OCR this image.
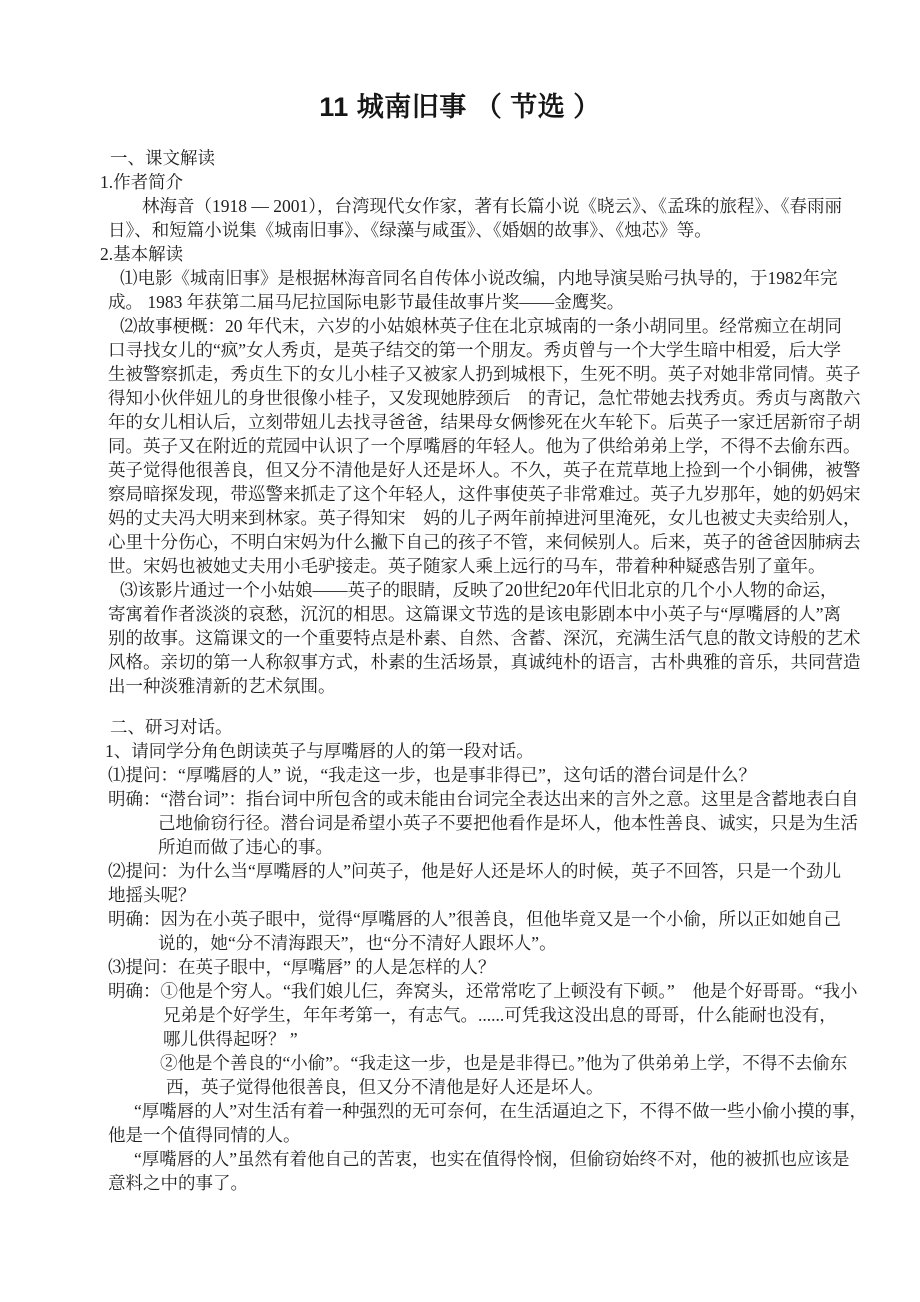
11 城南旧事 （ 节选 ）
一、课文解读
1.作者简介
林海音（1918 — 2001），台湾现代女作家，著有长篇小说《晓云》、《孟珠的旅程》、《春雨丽
日》、和短篇小说集《城南旧事》、《绿藻与咸蛋》、《婚姻的故事》、《烛芯》等。
2.基本解读
⑴电影《城南旧事》是根据林海音同名自传体小说改编，内地导演吴贻弓执导的，于1982年完
成。 1983 年获第二届马尼拉国际电影节最佳故事片奖——金鹰奖。
⑵故事梗概：20 年代末，六岁的小姑娘林英子住在北京城南的一条小胡同里。经常痴立在胡同
口寻找女儿的“疯”女人秀贞，是英子结交的第一个朋友。秀贞曾与一个大学生暗中相爱，后大学
生被警察抓走，秀贞生下的女儿小桂子又被家人扔到城根下，生死不明。英子对她非常同情。英子
得知小伙伴妞儿的身世很像小桂子，又发现她脖颈后　的青记，急忙带她去找秀贞。秀贞与离散六
年的女儿相认后，立刻带妞儿去找寻爸爸，结果母女俩惨死在火车轮下。后英子一家迁居新帘子胡
同。英子又在附近的荒园中认识了一个厚嘴唇的年轻人。他为了供给弟弟上学，不得不去偷东西。
英子觉得他很善良，但又分不清他是好人还是坏人。不久，英子在荒草地上捡到一个小铜佛，被警
察局暗探发现，带巡警来抓走了这个年轻人，这件事使英子非常难过。英子九岁那年，她的奶妈宋
妈的丈夫冯大明来到林家。英子得知宋　妈的儿子两年前掉进河里淹死，女儿也被丈夫卖给别人，
心里十分伤心，不明白宋妈为什么撇下自己的孩子不管，来伺候别人。后来，英子的爸爸因肺病去
世。宋妈也被她丈夫用小毛驴接走。英子随家人乘上远行的马车，带着种种疑惑告别了童年。
⑶该影片通过一个小姑娘——英子的眼睛，反映了20世纪20年代旧北京的几个小人物的命运，
寄寓着作者淡淡的哀愁，沉沉的相思。这篇课文节选的是该电影剧本中小英子与“厚嘴唇的人”离
别的故事。这篇课文的一个重要特点是朴素、自然、含蓄、深沉，充满生活气息的散文诗般的艺术
风格。亲切的第一人称叙事方式，朴素的生活场景，真诚纯朴的语言，古朴典雅的音乐，共同营造
出一种淡雅清新的艺术氛围。
二、研习对话。
1、请同学分角色朗读英子与厚嘴唇的人的第一段对话。
⑴提问：“厚嘴唇的人” 说，“我走这一步，也是事非得已”，这句话的潜台词是什么？
明确：“潜台词”：指台词中所包含的或未能由台词完全表达出来的言外之意。这里是含蓄地表白自
己地偷窃行径。潜台词是希望小英子不要把他看作是坏人，他本性善良、诚实，只是为生活
所迫而做了违心的事。
⑵提问：为什么当“厚嘴唇的人”问英子，他是好人还是坏人的时候，英子不回答，只是一个劲儿
地摇头呢？
明确：因为在小英子眼中，觉得“厚嘴唇的人”很善良，但他毕竟又是一个小偷，所以正如她自己
说的，她“分不清海跟天”，也“分不清好人跟坏人”。
⑶提问：在英子眼中，“厚嘴唇” 的人是怎样的人？
明确：①他是个穷人。“我们娘儿仨，奔窝头，还常常吃了上顿没有下顿。”　他是个好哥哥。“我小
兄弟是个好学生，年年考第一，有志气。......可凭我这没出息的哥哥，什么能耐也没有，
哪儿供得起呀？ ”
②他是个善良的“小偷”。“我走这一步，也是是非得已。”他为了供弟弟上学，不得不去偷东
西，英子觉得他很善良，但又分不清他是好人还是坏人。
“厚嘴唇的人”对生活有着一种强烈的无可奈何，在生活逼迫之下，不得不做一些小偷小摸的事，
他是一个值得同情的人。
“厚嘴唇的人”虽然有着他自己的苦衷，也实在值得怜悯，但偷窃始终不对，他的被抓也应该是
意料之中的事了。
